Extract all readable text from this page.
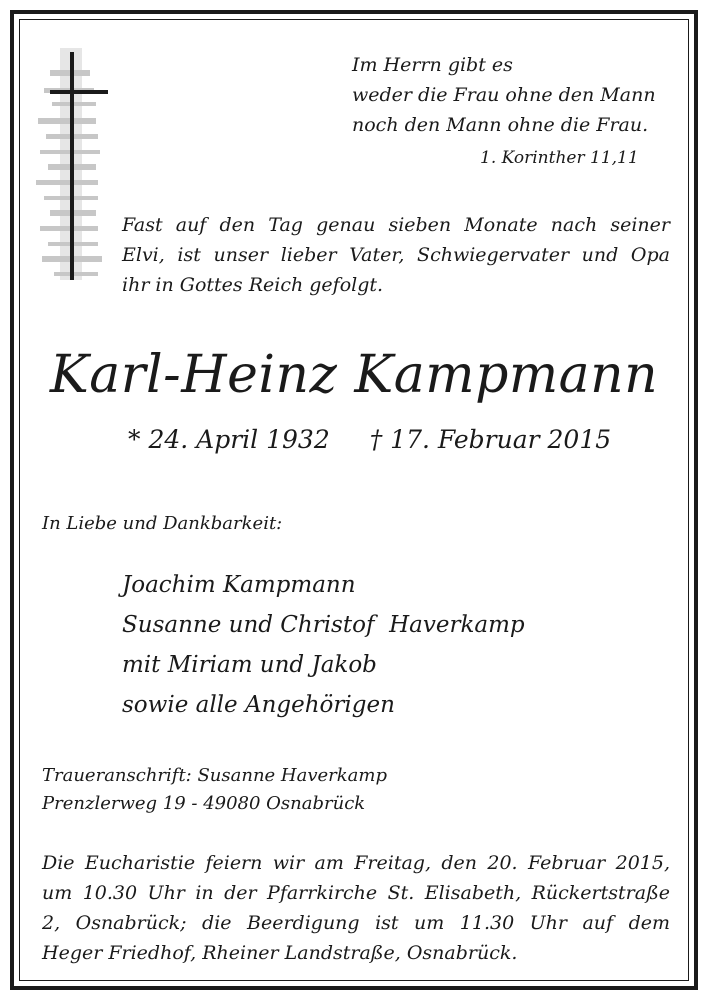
Im Herrn gibt es
weder die Frau ohne den Mann
noch den Mann ohne die Frau.
1. Korinther 11,11
Fast auf den Tag genau sieben Monate nach seiner
Elvi, ist unser lieber Vater, Schwiegervater und Opa
ihr in Gottes Reich gefolgt.
Karl-Heinz Kampmann
* 24. April 1932 † 17. Februar 2015
In Liebe und Dankbarkeit:
Joachim Kampmann
Susanne und Christof  Haverkamp
mit Miriam und Jakob
sowie alle Angehörigen
Traueranschrift: Susanne Haverkamp
Prenzlerweg 19 - 49080 Osnabrück
Die Eucharistie feiern wir am Freitag, den 20. Februar 2015,
um 10.30 Uhr in der Pfarrkirche St. Elisabeth, Rückertstraße
2, Osnabrück; die Beerdigung ist um 11.30 Uhr auf dem
Heger Friedhof, Rheiner Landstraße, Osnabrück.
